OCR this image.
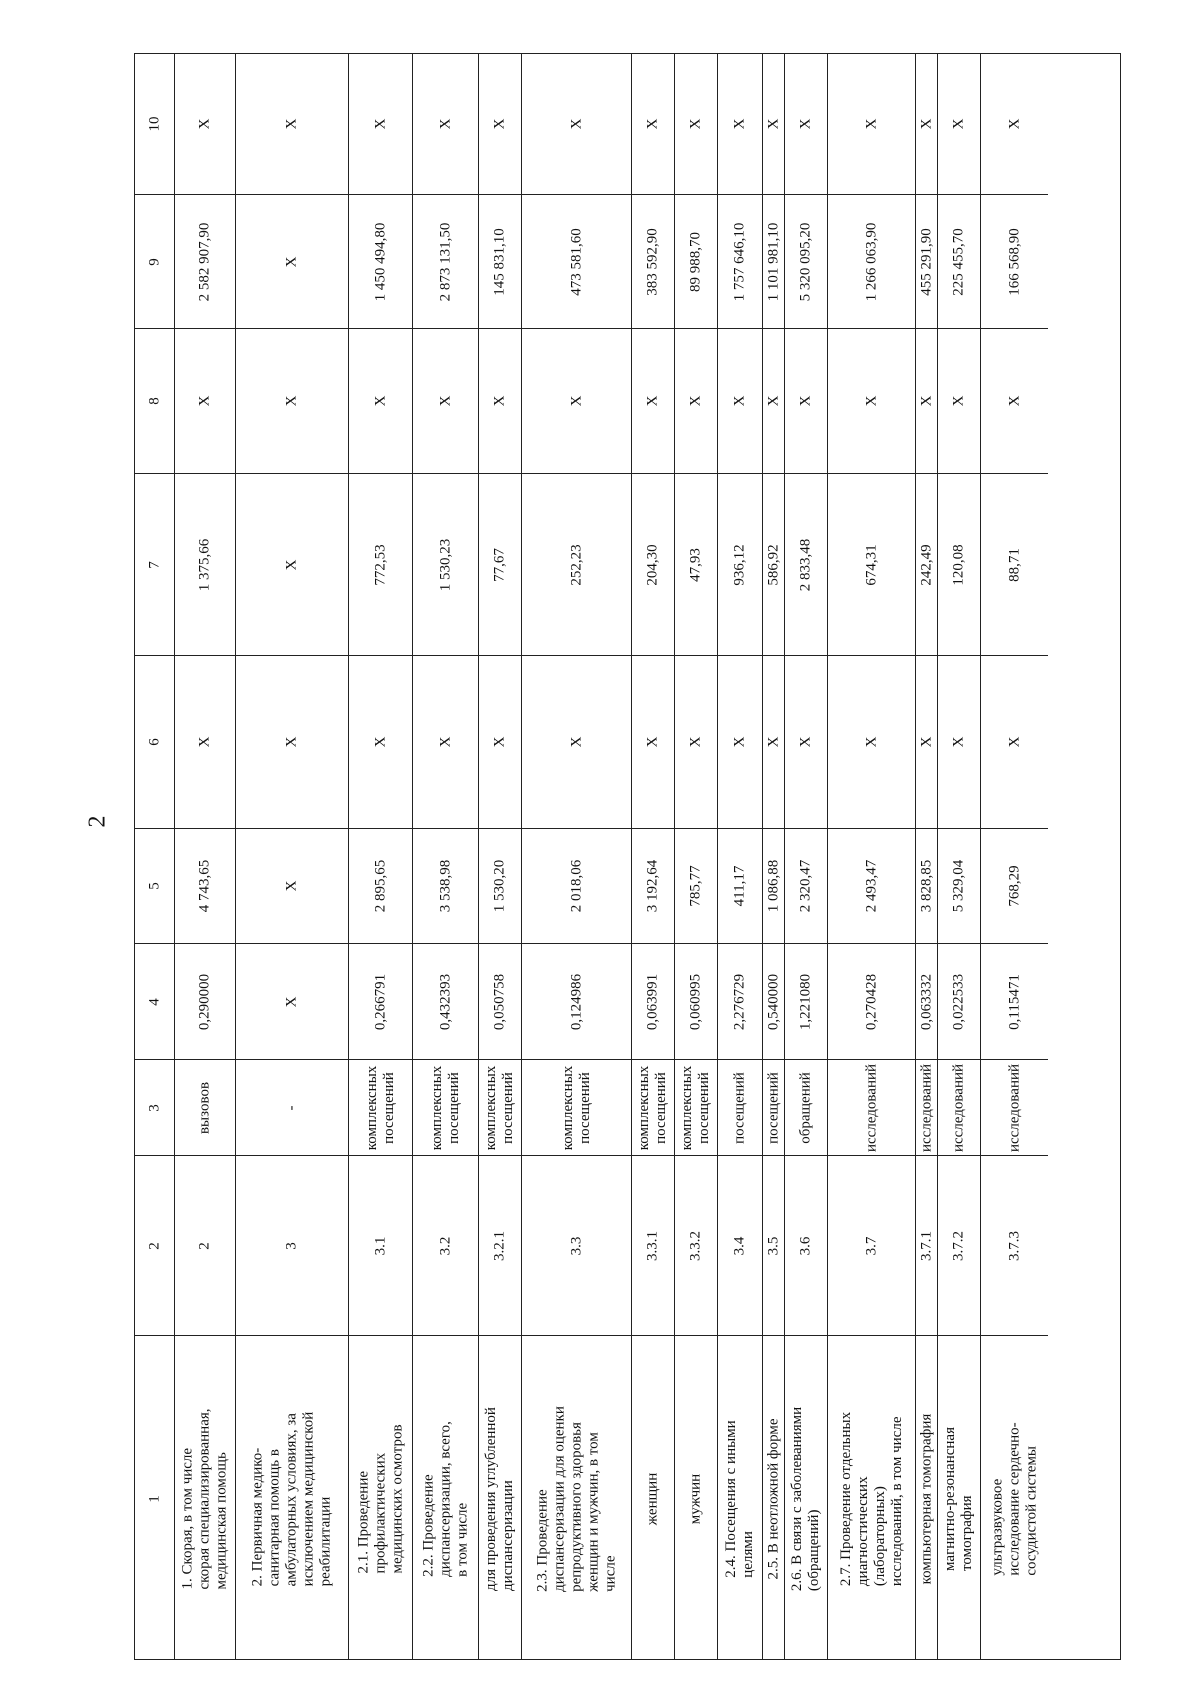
2
10
9
8
7
6
5
4
3
2
1
X
2 582 907,90
X
1 375,66
X
4 743,65
0,290000
вызовов
2
1. Скорая, в том числе
скорая специализированная,
медицинская помощь
X
X
X
X
X
X
X
-
3
2. Первичная медико-
санитарная помощь в
амбулаторных условиях, за
исключением медицинской
реабилитации
X
1 450 494,80
X
772,53
X
2 895,65
0,266791
комплексных
посещений
3.1
2.1. Проведение
профилактических
медицинских осмотров
X
2 873 131,50
X
1 530,23
X
3 538,98
0,432393
комплексных
посещений
3.2
2.2. Проведение
диспансеризации, всего,
в том числе
X
145 831,10
X
77,67
X
1 530,20
0,050758
комплексных
посещений
3.2.1
для проведения углубленной
диспансеризации
X
473 581,60
X
252,23
X
2 018,06
0,124986
комплексных
посещений
3.3
2.3. Проведение
диспансеризации для оценки
репродуктивного здоровья
женщин и мужчин, в том
числе
X
383 592,90
X
204,30
X
3 192,64
0,063991
комплексных
посещений
3.3.1
женщин
X
89 988,70
X
47,93
X
785,77
0,060995
комплексных
посещений
3.3.2
мужчин
X
1 757 646,10
X
936,12
X
411,17
2,276729
посещений
3.4
2.4. Посещения с иными
целями
X
1 101 981,10
X
586,92
X
1 086,88
0,540000
посещений
3.5
2.5. В неотложной форме
X
5 320 095,20
X
2 833,48
X
2 320,47
1,221080
обращений
3.6
2.6. В связи с заболеваниями
(обращений)
X
1 266 063,90
X
674,31
X
2 493,47
0,270428
исследований
3.7
2.7. Проведение отдельных
диагностических
(лабораторных)
исследований, в том числе
X
455 291,90
X
242,49
X
3 828,85
0,063332
исследований
3.7.1
компьютерная томография
X
225 455,70
X
120,08
X
5 329,04
0,022533
исследований
3.7.2
магнитно-резонансная
томография
X
166 568,90
X
88,71
X
768,29
0,115471
исследований
3.7.3
ультразвуковое
исследование сердечно-
сосудистой системы
